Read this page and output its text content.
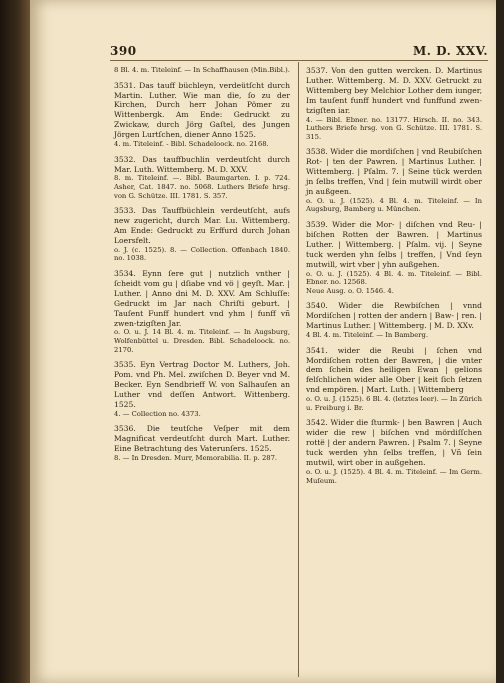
390	M. D. XXV.

8 Bl. 4. m. Titeleinf. — In Schaffhausen (Min.Bibl.).

3531. Das tauff büchleyn, verdeütſcht durch Martin. Luther. Wie man die, ſo zu der Kirchen, Durch herr Johan Pömer zu Wittenbergk. Am Ende: Gedruckt zu Zwickaw, durch Jörg Gaſtel, des Jungen Jörgen Lurtſchen, diener Anno 1525.

4. m. Titeleinf. - Bibl. Schadeloock. no. 2168.

3532. Das tauffbuchlin verdeutſcht durch Mar. Luth. Wittemberg. M. D. XXV.

8. m. Titeleinf. —. Bibl. Baumgarten. I. p. 724. Asher, Cat. 1847. no. 5068. Luthers Briefe hrsg. von G. Schütze. III. 1781. S. 357.

3533. Das Tauffbüchlein verdeutſcht, aufs new zugericht, durch Mar. Lu. Wittemberg. Am Ende: Gedruckt zu Erffurd durch Johan Loersfelt.

o. J. (c. 1525). 8. — Collection. Offenbach 1840. no. 1038.

3534. Eynn ſere gut | nutzlich vnther | ſcheidt vom gu | dſiabe vnd vö | geyſt. Mar. | Luther. | Anno dni M. D. XXV. Am Schluſſe: Gedruckt im Jar nach Chriſti geburt. | Tauſent Funff hundert vnd yhm | funff vñ zwen-tzigſten Jar.

o. O. u. J. 14 Bl. 4. m. Titeleinf. — In Augsburg, Wolfenbüttel u. Dresden. Bibl. Schadeloock. no. 2170.

3535. Eyn Vertrag Doctor M. Luthers, Joh. Pom. vnd Ph. Mel. zwiſchen D. Beyer vnd M. Becker. Eyn Sendbrieff W. von Salhauſen an Luther vnd deſſen Antwort. Wittenberg. 1525.

4. — Collection no. 4373.

3536. Die teutſche Veſper mit dem Magnificat verdeutſcht durch Mart. Luther. Eine Betrachtung des Vaterunſers. 1525.

8. — In Dresden. Murr, Memorabilia. II. p. 287.

3537. Von den gutten wercken. D. Martinus Luther. Wittemberg. M. D. XXV. Getruckt zu Wittemberg bey Melchior Lother dem iunger, Im tauſent funff hundert vnd funffund zwen-tzigſten iar.

4. — Bibl. Ebner. no. 13177. Hirsch. II. no. 343. Luthers Briefe hrsg. von G. Schütze. III. 1781. S. 315.

3538. Wider die mordiſchen | vnd Reubiſchen Rot- | ten der Pawren. | Martinus Luther. | Wittemberg. | Pſalm. 7. | Seine tück werden jn ſelbs treffen, Vnd | ſein mutwill wirdt ober jn außgeen.

o. O. u. J. (1525). 4 Bl. 4. m. Titeleinf. — In Augsburg, Bamberg u. München.

3539. Wider die Mor- | diſchen vnd Reu- | biſchen Rotten der Bawren. | Martinus Luther. | Wittemberg. | Pſalm. vij. | Seyne tuck werden yhn ſelbs | treffen, | Vnd ſeyn mutwill, wirt vber | yhn außgehen.

o. O. u. J. (1525). 4 Bl. 4. m. Titeleinf. — Bibl. Ebner. no. 12568.

Neue Ausg. o. O. 1546. 4.

3540. Wider die Rewbiſchen | vnnd Mordiſchen | rotten der andern | Baw- | ren. | Martinus Luther. | Wittemberg. | M. D. XXv.

4 Bl. 4. m. Titeleinf. — In Bamberg.

3541. wider die Reubi | ſchen vnd Mordiſchen rotten der Bawren, | die vnter dem ſchein des heiligen Ewan | gelions felſchlichen wider alle Ober | keit ſich ſetzen vnd empören. | Mart. Luth. | Wittemberg

o. O. u. J. (1525). 6 Bl. 4. (letztes leer). — In Zürich u. Freiburg i. Br.

3542. Wider die ſturmk- | ben Bawren | Auch wider die rew | biſchen vnd mördiſſchen rottë | der andern Pawren. | Psalm 7. | Seyne tuck werden yhn ſelbs treffen, | Vñ ſein mutwil, wirt ober in außgehen.

o. O. u. J. (1525). 4 Bl. 4. m. Titeleinf. — Im Germ. Muſeum.
